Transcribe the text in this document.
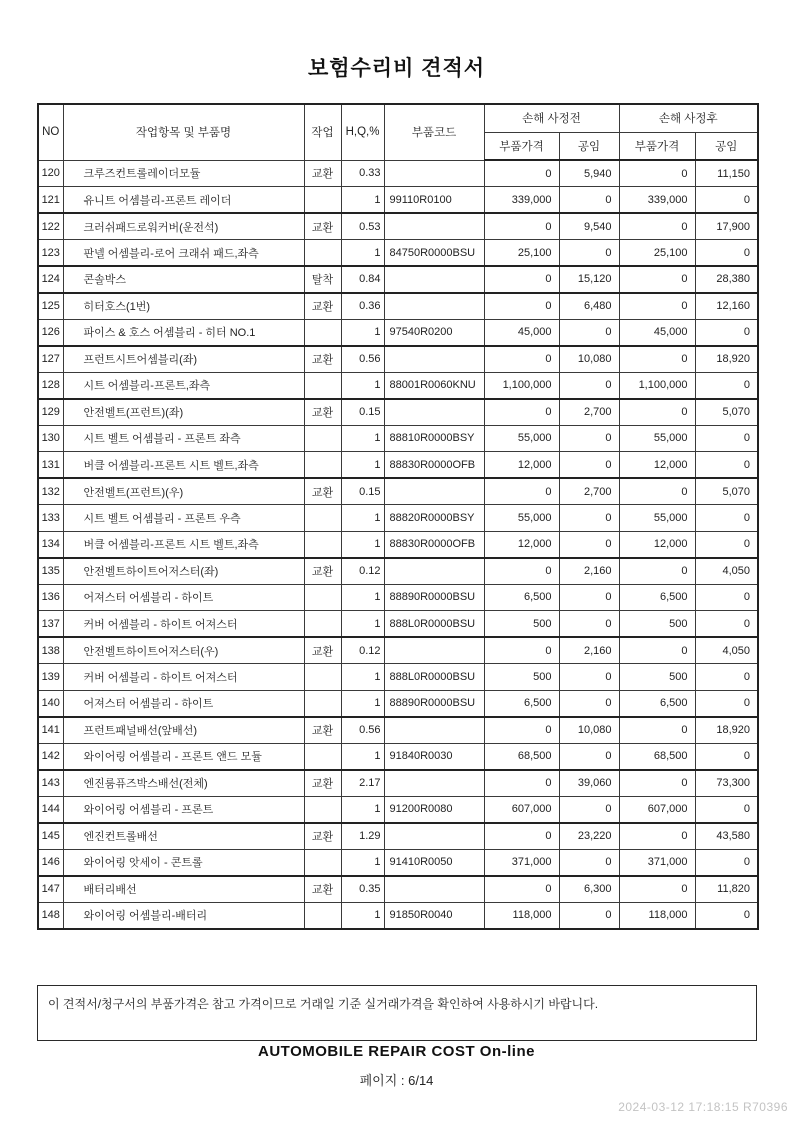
보험수리비 견적서
NO	작업항목 및 부품명	작업	H,Q,%	부품코드	손해 사정전		손해 사정후	
					부품가격	공임	부품가격	공임
120	크루즈컨트롤레이더모듈	교환	0.33		0	5,940	0	11,150
121	유니트 어셈블리-프론트 레이더		1	99110R0100	339,000	0	339,000	0
122	크러쉬패드로워커버(운전석)	교환	0.53		0	9,540	0	17,900
123	판넬 어셈블리-로어 크래쉬 패드,좌측		1	84750R0000BSU	25,100	0	25,100	0
124	콘솔박스	탈착	0.84		0	15,120	0	28,380
125	히터호스(1번)	교환	0.36		0	6,480	0	12,160
126	파이스 & 호스 어셈블리 - 히터 NO.1		1	97540R0200	45,000	0	45,000	0
127	프런트시트어셈블리(좌)	교환	0.56		0	10,080	0	18,920
128	시트 어셈블리-프론트,좌측		1	88001R0060KNU	1,100,000	0	1,100,000	0
129	안전벨트(프런트)(좌)	교환	0.15		0	2,700	0	5,070
130	시트 벨트 어셈블리 - 프론트 좌측		1	88810R0000BSY	55,000	0	55,000	0
131	버클 어셈블리-프론트 시트 벨트,좌측		1	88830R0000OFB	12,000	0	12,000	0
132	안전벨트(프런트)(우)	교환	0.15		0	2,700	0	5,070
133	시트 벨트 어셈블리 - 프론트 우측		1	88820R0000BSY	55,000	0	55,000	0
134	버클 어셈블리-프론트 시트 벨트,좌측		1	88830R0000OFB	12,000	0	12,000	0
135	안전벨트하이트어저스터(좌)	교환	0.12		0	2,160	0	4,050
136	어져스터 어셈블리 - 하이트		1	88890R0000BSU	6,500	0	6,500	0
137	커버 어셈블리 - 하이트 어져스터		1	888L0R0000BSU	500	0	500	0
138	안전벨트하이트어저스터(우)	교환	0.12		0	2,160	0	4,050
139	커버 어셈블리 - 하이트 어져스터		1	888L0R0000BSU	500	0	500	0
140	어져스터 어셈블리 - 하이트		1	88890R0000BSU	6,500	0	6,500	0
141	프런트패널배선(앞배선)	교환	0.56		0	10,080	0	18,920
142	와이어링 어셈블리 - 프론트 앤드 모듈		1	91840R0030	68,500	0	68,500	0
143	엔진룸퓨즈박스배선(전체)	교환	2.17		0	39,060	0	73,300
144	와이어링 어셈블리 - 프론트		1	91200R0080	607,000	0	607,000	0
145	엔진컨트롤배선	교환	1.29		0	23,220	0	43,580
146	와이어링 앗세이 - 콘트롤		1	91410R0050	371,000	0	371,000	0
147	배터리배선	교환	0.35		0	6,300	0	11,820
148	와이어링 어셈블리-배터리		1	91850R0040	118,000	0	118,000	0
이 견적서/청구서의 부품가격은 참고 가격이므로 거래일 기준 실거래가격을 확인하여 사용하시기 바랍니다.
AUTOMOBILE REPAIR COST On-line
페이지 : 6/14
2024-03-12 17:18:15 R70396
